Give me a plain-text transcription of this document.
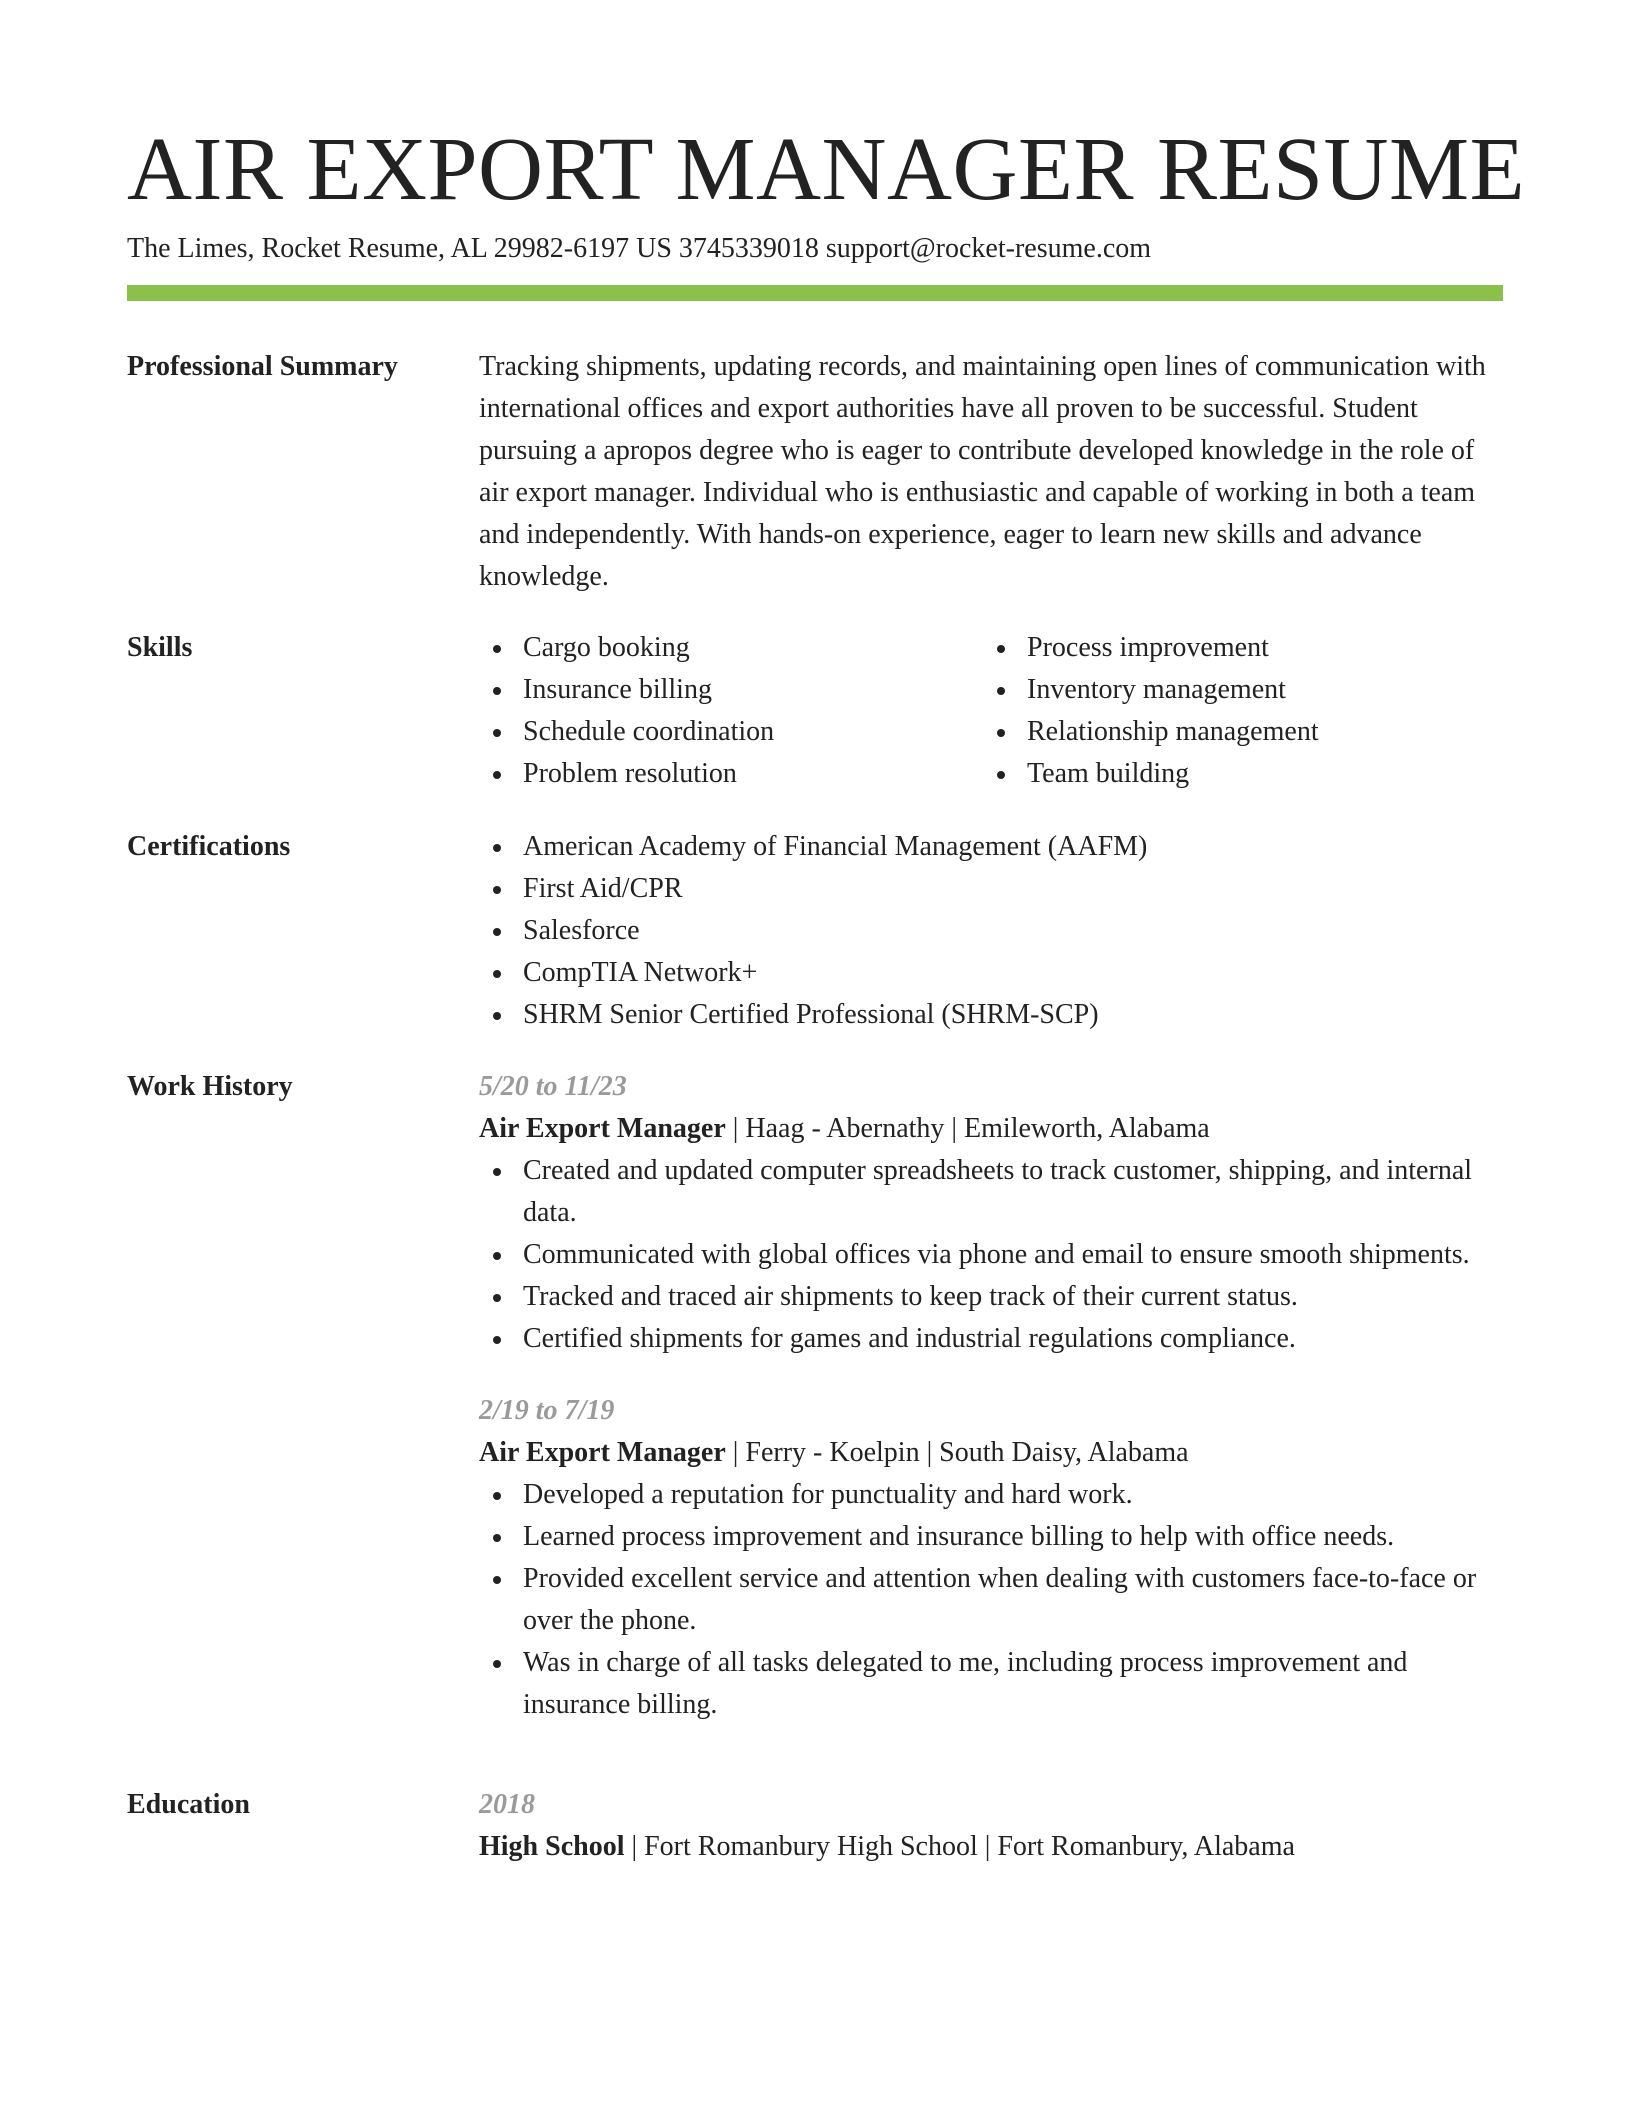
AIR EXPORT MANAGER RESUME
The Limes, Rocket Resume, AL 29982-6197 US 3745339018 support@rocket-resume.com
Professional Summary	Tracking shipments, updating records, and maintaining open lines of communication with international offices and export authorities have all proven to be successful. Student pursuing a apropos degree who is eager to contribute developed knowledge in the role of air export manager. Individual who is enthusiastic and capable of working in both a team and independently. With hands-on experience, eager to learn new skills and advance knowledge.

Skills	Cargo booking
Insurance billing
Schedule coordination
Problem resolution
Process improvement
Inventory management
Relationship management
Team building
Certifications	American Academy of Financial Management (AAFM)
First Aid/CPR
Salesforce
CompTIA Network+
SHRM Senior Certified Professional (SHRM-SCP)
Work History	5/20 to 11/23
Air Export Manager | Haag - Abernathy | Emileworth, Alabama
Created and updated computer spreadsheets to track customer, shipping, and internal data.
Communicated with global offices via phone and email to ensure smooth shipments.
Tracked and traced air shipments to keep track of their current status.
Certified shipments for games and industrial regulations compliance.
2/19 to 7/19
Air Export Manager | Ferry - Koelpin | South Daisy, Alabama
Developed a reputation for punctuality and hard work.
Learned process improvement and insurance billing to help with office needs.
Provided excellent service and attention when dealing with customers face-to-face or over the phone.
Was in charge of all tasks delegated to me, including process improvement and insurance billing.
Education	2018
High School | Fort Romanbury High School | Fort Romanbury, Alabama
